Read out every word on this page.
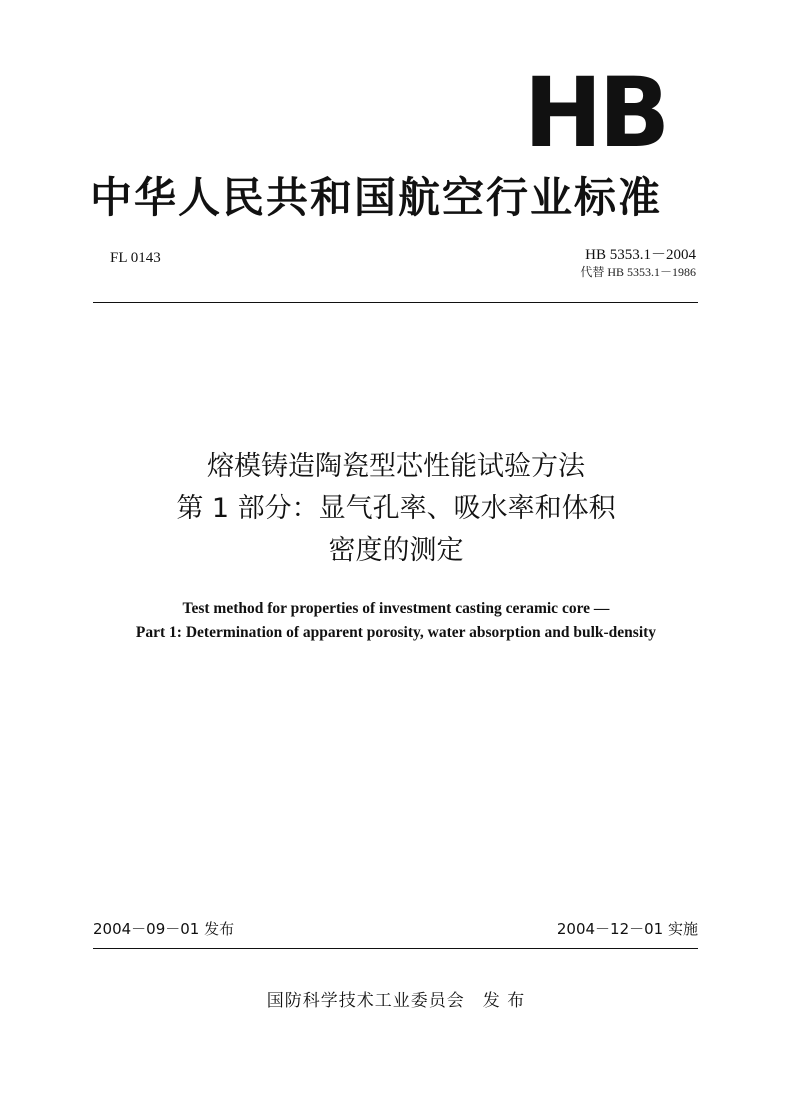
HB
中华人民共和国航空行业标准
FL 0143	HB 5353.1－2004
代替 HB 5353.1－1986
熔模铸造陶瓷型芯性能试验方法
第 1 部分：显气孔率、吸水率和体积
密度的测定
Test method for properties of investment casting ceramic core —
Part 1: Determination of apparent porosity, water absorption and bulk-density
2004－09－01 发布	2004－12－01 实施
国防科学技术工业委员会　发 布
